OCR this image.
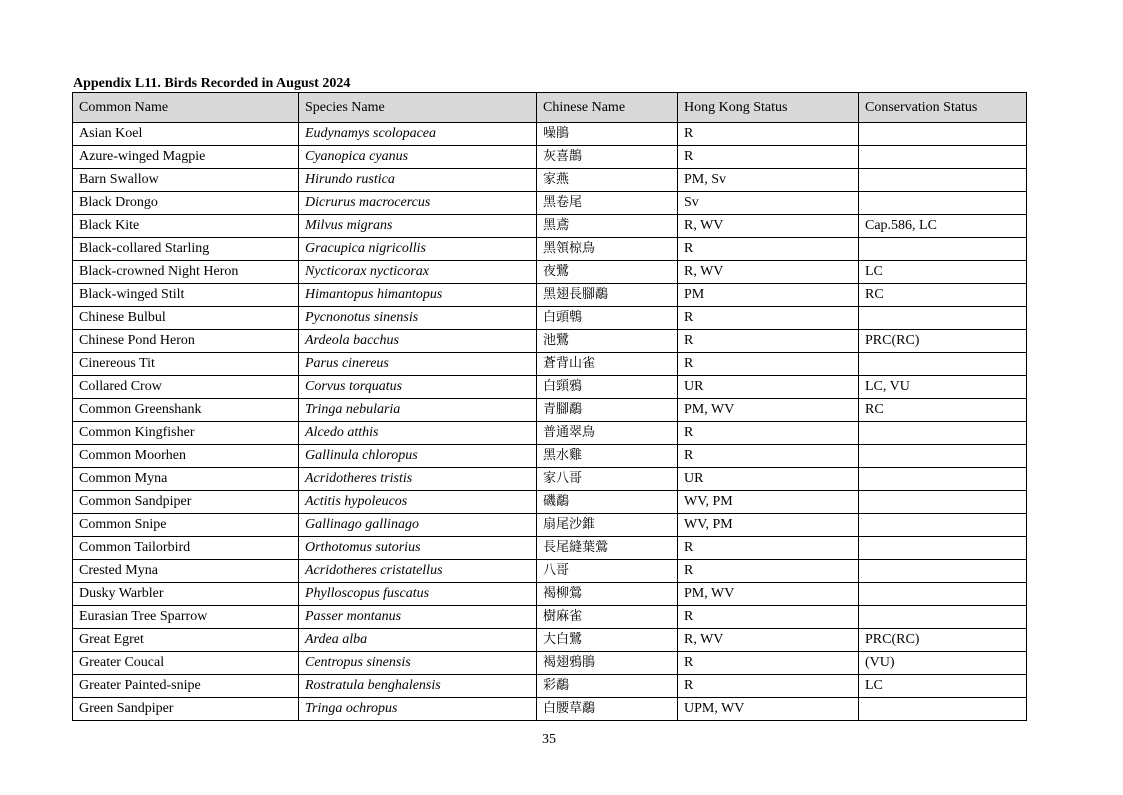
Appendix L11. Birds Recorded in August 2024
Common Name	Species Name	Chinese Name	Hong Kong Status	Conservation Status
Asian Koel	Eudynamys scolopacea	噪鵑	R	
Azure-winged Magpie	Cyanopica cyanus	灰喜鵲	R	
Barn Swallow	Hirundo rustica	家燕	PM, Sv	
Black Drongo	Dicrurus macrocercus	黑卷尾	Sv	
Black Kite	Milvus migrans	黑鳶	R, WV	Cap.586, LC
Black-collared Starling	Gracupica nigricollis	黑領椋鳥	R	
Black-crowned Night Heron	Nycticorax nycticorax	夜鷺	R, WV	LC
Black-winged Stilt	Himantopus himantopus	黑翅長腳鷸	PM	RC
Chinese Bulbul	Pycnonotus sinensis	白頭鵯	R	
Chinese Pond Heron	Ardeola bacchus	池鷺	R	PRC(RC)
Cinereous Tit	Parus cinereus	蒼背山雀	R	
Collared Crow	Corvus torquatus	白頸鴉	UR	LC, VU
Common Greenshank	Tringa nebularia	青腳鷸	PM, WV	RC
Common Kingfisher	Alcedo atthis	普通翠鳥	R	
Common Moorhen	Gallinula chloropus	黑水雞	R	
Common Myna	Acridotheres tristis	家八哥	UR	
Common Sandpiper	Actitis hypoleucos	磯鷸	WV, PM	
Common Snipe	Gallinago gallinago	扇尾沙錐	WV, PM	
Common Tailorbird	Orthotomus sutorius	長尾縫葉鶯	R	
Crested Myna	Acridotheres cristatellus	八哥	R	
Dusky Warbler	Phylloscopus fuscatus	褐柳鶯	PM, WV	
Eurasian Tree Sparrow	Passer montanus	樹麻雀	R	
Great Egret	Ardea alba	大白鷺	R, WV	PRC(RC)
Greater Coucal	Centropus sinensis	褐翅鴉鵑	R	(VU)
Greater Painted-snipe	Rostratula benghalensis	彩鷸	R	LC
Green Sandpiper	Tringa ochropus	白腰草鷸	UPM, WV	
35
